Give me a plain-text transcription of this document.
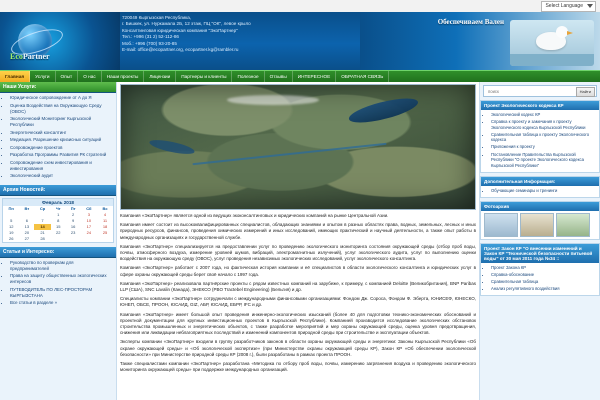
Select Language
EcoPartner
720049 Кыргызская Республика,
г. Бишкек, ул. Нуркамала 2Б, 12 этаж, ПЦ "ОК", левое крыло
Консалтинговая юридическая компания "ЭкоПартнер"
Тел.: +996 (31 2) 52-112-86
Моб.: +996 (700) 93-20-85
E-mail: office@ecopartner.org, ecopartner.kg@rambler.ru
Обеспечиваем Вален
Главная	Услуги	Опыт	О нас	Наши проекты	Лицензии	Партнеры и клиенты	Полезное	Отзывы	ИНТЕРЕСНОЕ	ОБРАТНАЯ СВЯЗЬ
Наши Услуги:
• Юридическое сопровождение от А до Я
• Оценка Воздействия на Окружающую Среду (ОВОС)
• Экологический Мониторинг Кыргызской Республики
• Энергетический консалтинг
• Медиация. Разрешение кризисных ситуаций
• Сопровождение проектов
• Разработка Программы Развития РК стратегий
• Сопровождение схем инвестирования и инвестирования
• Экологический аудит
Архив Новостей:
Февраль 2018
Пн	Вт	Ср	Чт	Пт	Сб	Вс
			1	2	3	4
5	6	7	8	9	10	11
12	13	14	15	16	17	18
19	20	21	22	23	24	25
26	27	28				
Статьи и Интересно:
• Руководство по проверкам для предпринимателей
• Права на защиту общественных экологических интересов
• ПУТЕВОДИТЕЛЬ ПО ЛЕС-ПРОСТОРАМ КЫРГЫЗСТАНА
• Все статьи в разделе »
Компания «ЭкоПартнер» является одной из ведущих экоконсалтинговых и юридических компаний на рынке Центральной Азии.
Компания имеет состоит из высококвалифицированных специалистов, обладающих знаниями и опытом в разных областях права, водных, земельных, лесных и иных природных ресурсов, финансов, проведения химических измерений и иных исследований, имеющих практический и научный деятельности, а также опыт работы в международных организациях и государственной службе.
Компания «ЭкоПартнер» специализируется на предоставлении услуг по проведению экологического мониторинга состояния окружающей среды (отбор проб воды, почвы, атмосферного воздуха, измерение уровней шумов, вибраций, электромагнитных излучений), услуг экологического аудита, услуг по выполнению оценки воздействия на окружающую среду (ОВОС), услуг проведения независимых экологических исследований, услуг экологического консалтинга.
Компания «ЭкоПартнер» работает с 2007 года, но фактическая история компании и её специалистов в области экологического консалтинга и юридических услуг в сфере охраны окружающей среды берет своё начало с 1997 года.
Компания «ЭкоПартнер» реализовала партнёрские проекты с рядом известных компаний на зарубеже, к примеру, с компанией Deloitte (Великобритания), BNP Paribas LLP (США), SNC Lavalin (Канада), ЭНЕКСО (PBO Tractebel Engineering) (Бельгия) и др.
Специалисты компании «ЭкоПартнер» сотрудничали с международными финансовыми организациями: Фондом Дж. Сороса, Фондом Ф. Эберта, ЮНИСЕФ, ЮНЕСКО, ЮНЕП, ОБСЕ, ПРООН, ЮСАИД, GIZ, АБР, ЮСАИД, ЕБРР, IFC и др.
Компания «ЭкоПартнер» имеет большой опыт проведения инженерно-экологических изысканий (более 40 для подготовки технико-экономических обоснований и проектной документации для крупных инвестиционных проектов в Кыргызской Республике). Компанией производится исследование экологических обстановок строительства промышленных и энергетических объектов, с также разработке мероприятий и мер охраны окружающей среды, оценка уровня предотвращения, снижения или ликвидации неблагоприятных последствий и изменений компонентов природной среды при строительстве и эксплуатации объектов.
Эксперты компании «ЭкоПартнер» входили в группу разработчиков законов в области охраны окружающей среды и энергетики: Законы Кыргызской Республики «Об охране окружающей среды» и «Об экологической экспертизе» (при Министерстве охраны окружающей среды КР), Закон КР «Об обеспечении экологической безопасности» при Министерстве природной среды КР (2008 г.), были разработаны в рамках проекта ПРООН.
Также специалистами компании «ЭкоПартнер» разработана «Методика по отбору проб воды, почвы, измерению загрязнения воздуха и проведению экологического мониторинга окружающей среды» при поддержке международных организаций.
поиск
Найти
Проект Экологического кодекса КР
• Экологический кодекс КР
• Справка к проекту и замечания к проекту Экологического кодекса Кыргызской Республики
• Сравнительная таблица к проекту Экологического кодекса
• Приложения к проекту
• Постановление Правительства Кыргызской Республики "О проекте Экологического кодекса Кыргызской Республики"
Дополнительная Информация:
• Обучающие семинары и тренинги
Фотоархив
Проект Закон КР "О внесении изменений и Закон КР "Технической безопасности питьевой воды" от 30 мая 2011 года №34 ::
• Проект Закона КР
• Справка-обоснование
• Сравнительная таблица
• Анализ регулятивного воздействия
